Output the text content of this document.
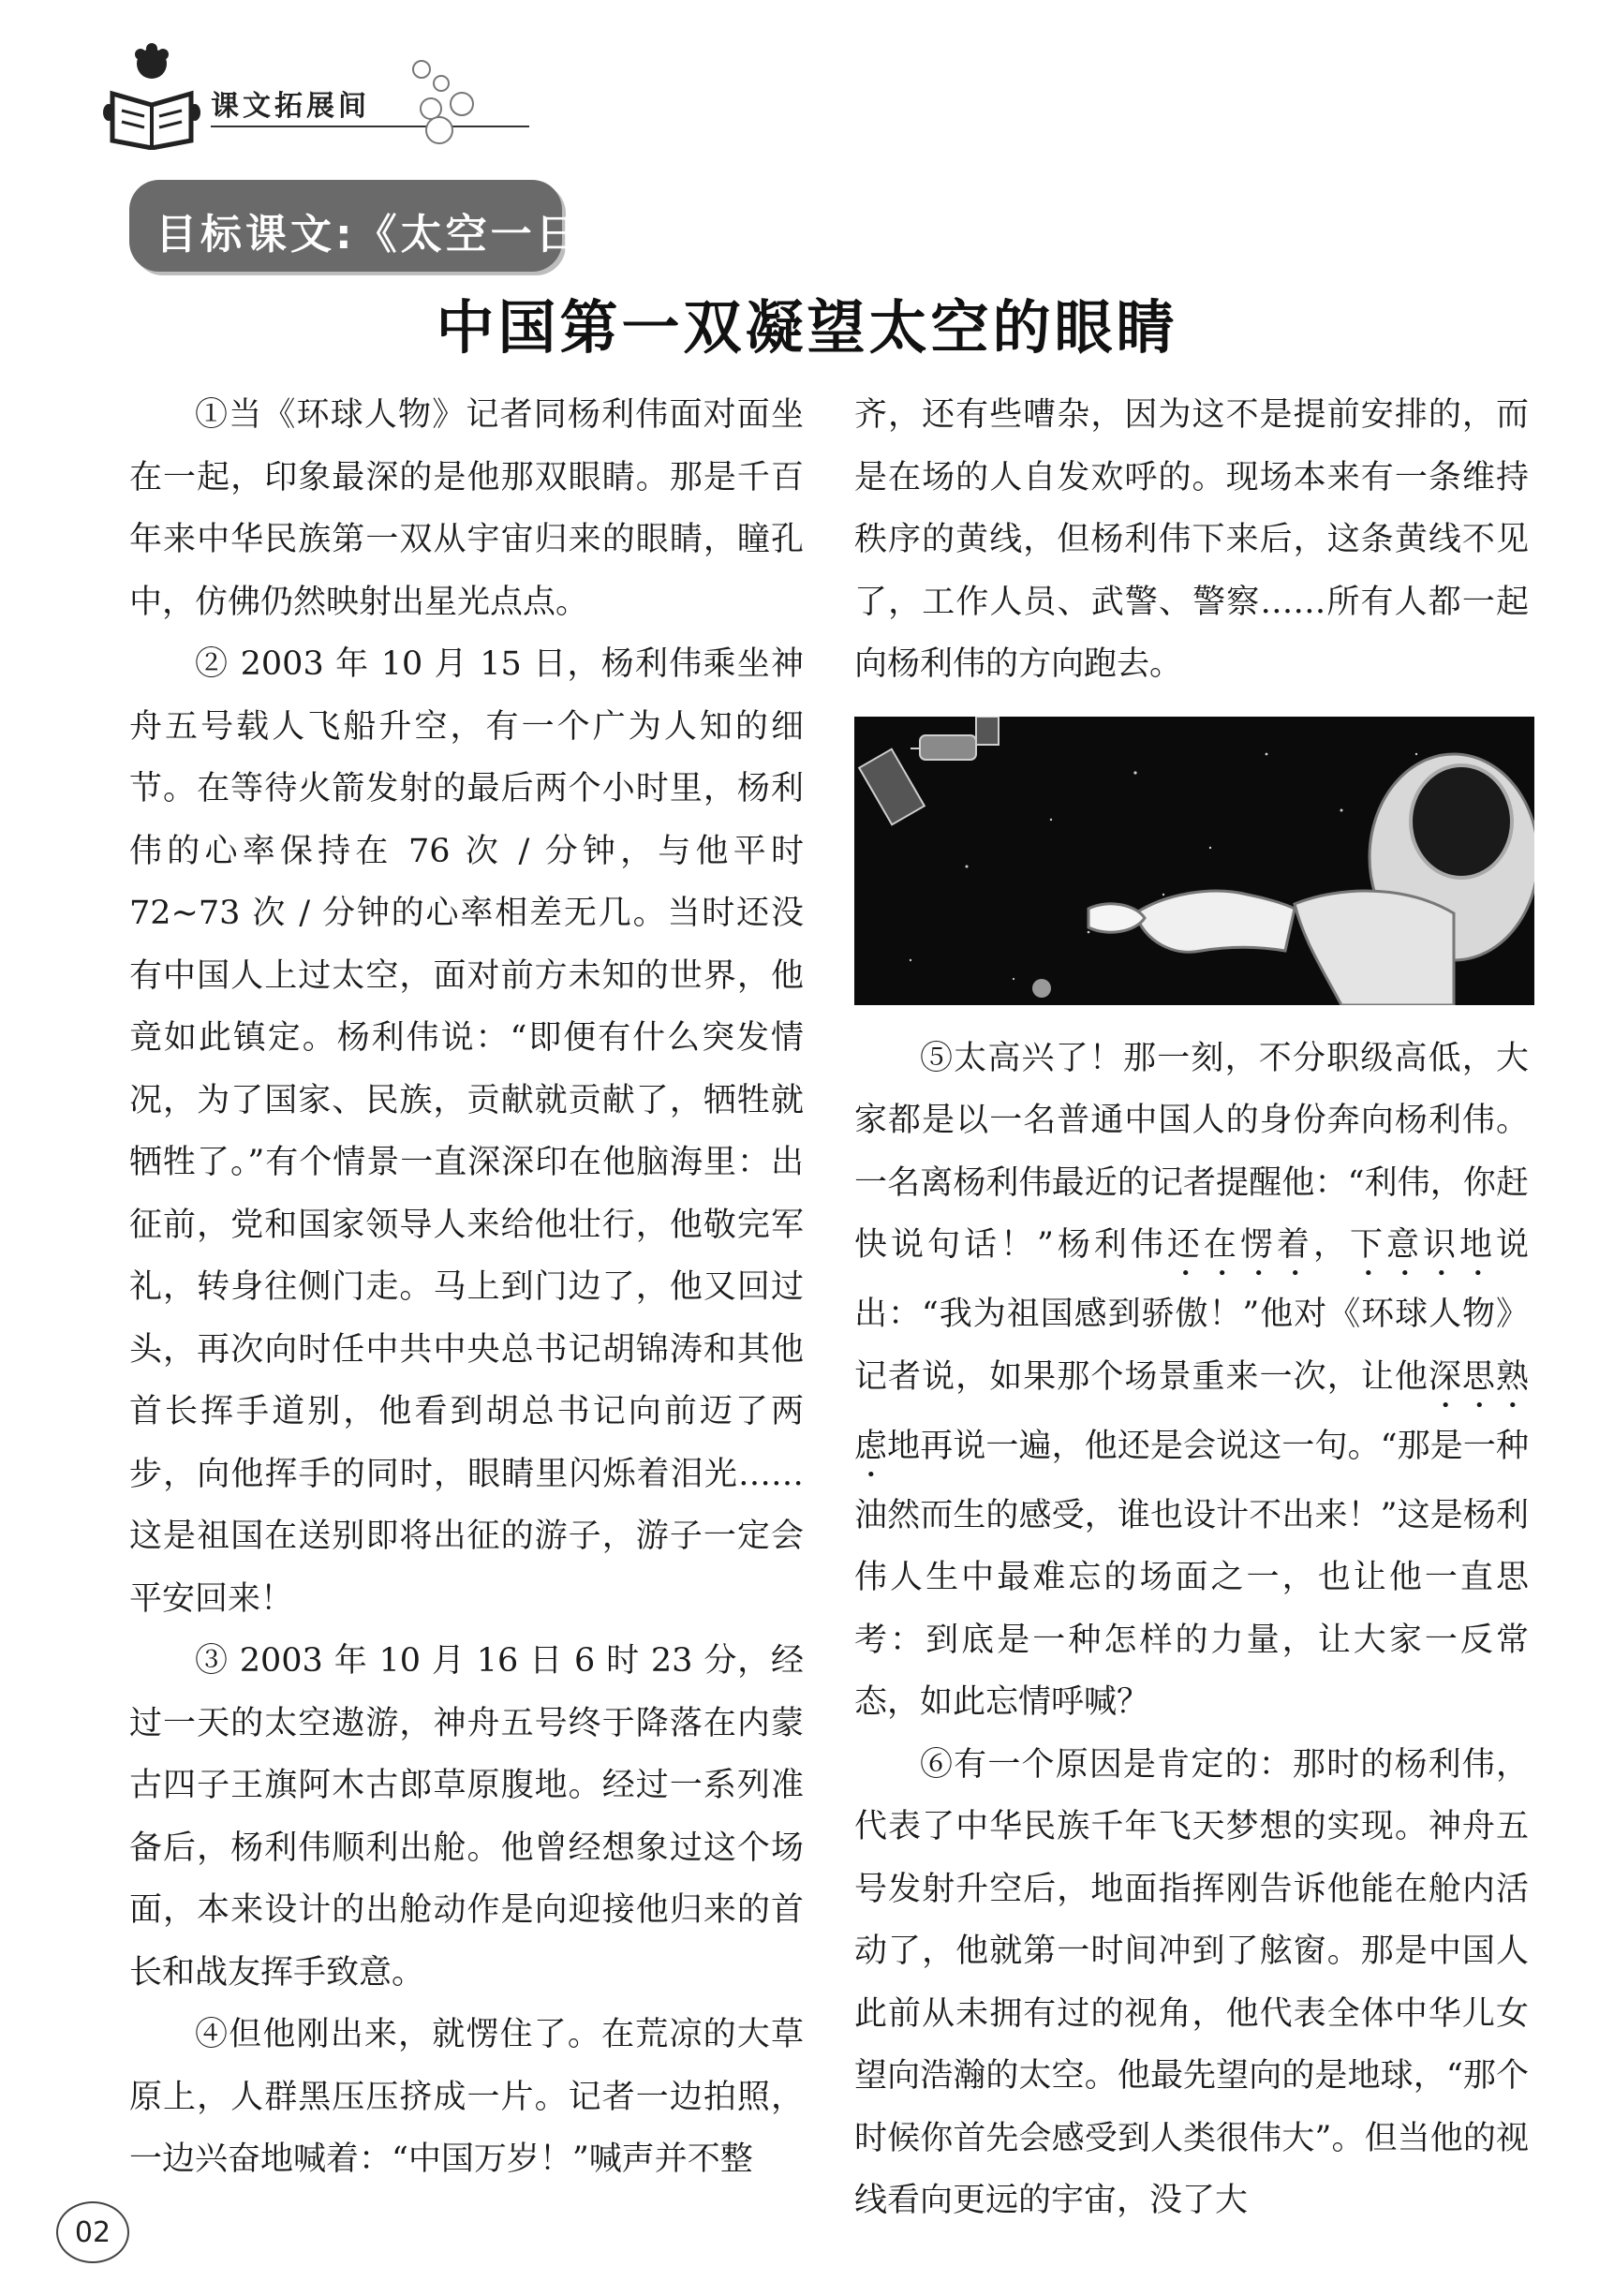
课文拓展间
目标课文:《太空一日》
中国第一双凝望太空的眼睛

①当《环球人物》记者同杨利伟面对面坐在一起，印象最深的是他那双眼睛。那是千百年来中华民族第一双从宇宙归来的眼睛，瞳孔中，仿佛仍然映射出星光点点。

② 2003 年 10 月 15 日，杨利伟乘坐神舟五号载人飞船升空，有一个广为人知的细节。在等待火箭发射的最后两个小时里，杨利伟的心率保持在 76 次 / 分钟，与他平时 72~73 次 / 分钟的心率相差无几。当时还没有中国人上过太空，面对前方未知的世界，他竟如此镇定。杨利伟说：“即便有什么突发情况，为了国家、民族，贡献就贡献了，牺牲就牺牲了。”有个情景一直深深印在他脑海里：出征前，党和国家领导人来给他壮行，他敬完军礼，转身往侧门走。马上到门边了，他又回过头，再次向时任中共中央总书记胡锦涛和其他首长挥手道别，他看到胡总书记向前迈了两步，向他挥手的同时，眼睛里闪烁着泪光……这是祖国在送别即将出征的游子，游子一定会平安回来！

③ 2003 年 10 月 16 日 6 时 23 分，经过一天的太空遨游，神舟五号终于降落在内蒙古四子王旗阿木古郎草原腹地。经过一系列准备后，杨利伟顺利出舱。他曾经想象过这个场面，本来设计的出舱动作是向迎接他归来的首长和战友挥手致意。

④但他刚出来，就愣住了。在荒凉的大草原上，人群黑压压挤成一片。记者一边拍照，一边兴奋地喊着：“中国万岁！”喊声并不整

齐，还有些嘈杂，因为这不是提前安排的，而是在场的人自发欢呼的。现场本来有一条维持秩序的黄线，但杨利伟下来后，这条黄线不见了，工作人员、武警、警察……所有人都一起向杨利伟的方向跑去。

⑤太高兴了！那一刻，不分职级高低，大家都是以一名普通中国人的身份奔向杨利伟。一名离杨利伟最近的记者提醒他：“利伟，你赶快说句话！”杨利伟还在愣着，下意识地说出：“我为祖国感到骄傲！”他对《环球人物》记者说，如果那个场景重来一次，让他深思熟虑地再说一遍，他还是会说这一句。“那是一种油然而生的感受，谁也设计不出来！”这是杨利伟人生中最难忘的场面之一，也让他一直思考：到底是一种怎样的力量，让大家一反常态，如此忘情呼喊？

⑥有一个原因是肯定的：那时的杨利伟，代表了中华民族千年飞天梦想的实现。神舟五号发射升空后，地面指挥刚告诉他能在舱内活动了，他就第一时间冲到了舷窗。那是中国人此前从未拥有过的视角，他代表全体中华儿女望向浩瀚的太空。他最先望向的是地球，“那个时候你首先会感受到人类很伟大”。但当他的视线看向更远的宇宙，没了大

02
